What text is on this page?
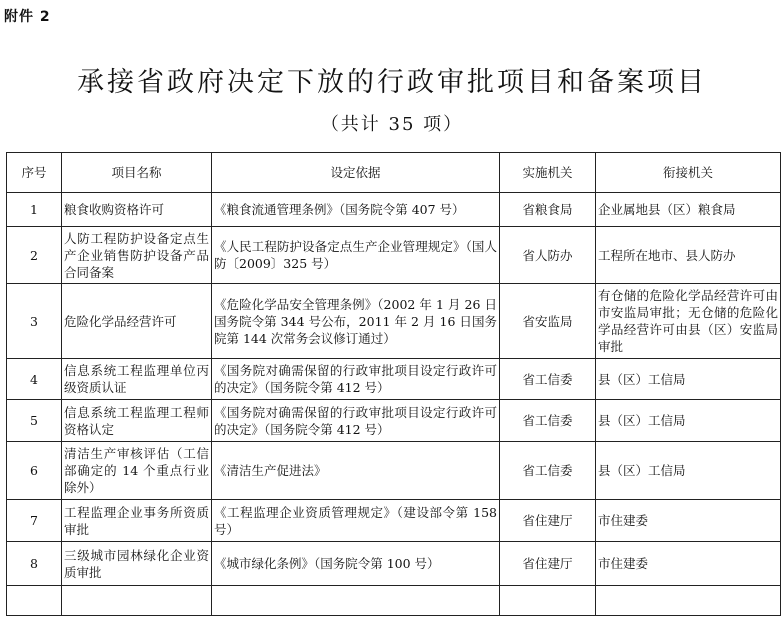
附件 2
承接省政府决定下放的行政审批项目和备案项目
（共计 35 项）
序号	项目名称	设定依据	实施机关	衔接机关
1	粮食收购资格许可	《粮食流通管理条例》（国务院令第 407 号）	省粮食局	企业属地县（区）粮食局
2	人防工程防护设备定点生产企业销售防护设备产品合同备案	《人民工程防护设备定点生产企业管理规定》（国人防〔2009〕325 号）	省人防办	工程所在地市、县人防办
3	危险化学品经营许可	《危险化学品安全管理条例》（2002 年 1 月 26 日国务院令第 344 号公布，2011 年 2 月 16 日国务院第 144 次常务会议修订通过）	省安监局	有仓储的危险化学品经营许可由市安监局审批；无仓储的危险化学品经营许可由县（区）安监局审批
4	信息系统工程监理单位丙级资质认证	《国务院对确需保留的行政审批项目设定行政许可的决定》（国务院令第 412 号）	省工信委	县（区）工信局
5	信息系统工程监理工程师资格认定	《国务院对确需保留的行政审批项目设定行政许可的决定》（国务院令第 412 号）	省工信委	县（区）工信局
6	清洁生产审核评估（工信部确定的 14 个重点行业除外）	《清洁生产促进法》	省工信委	县（区）工信局
7	工程监理企业事务所资质审批	《工程监理企业资质管理规定》（建设部令第 158 号）	省住建厅	市住建委
8	三级城市园林绿化企业资质审批	《城市绿化条例》（国务院令第 100 号）	省住建厅	市住建委
